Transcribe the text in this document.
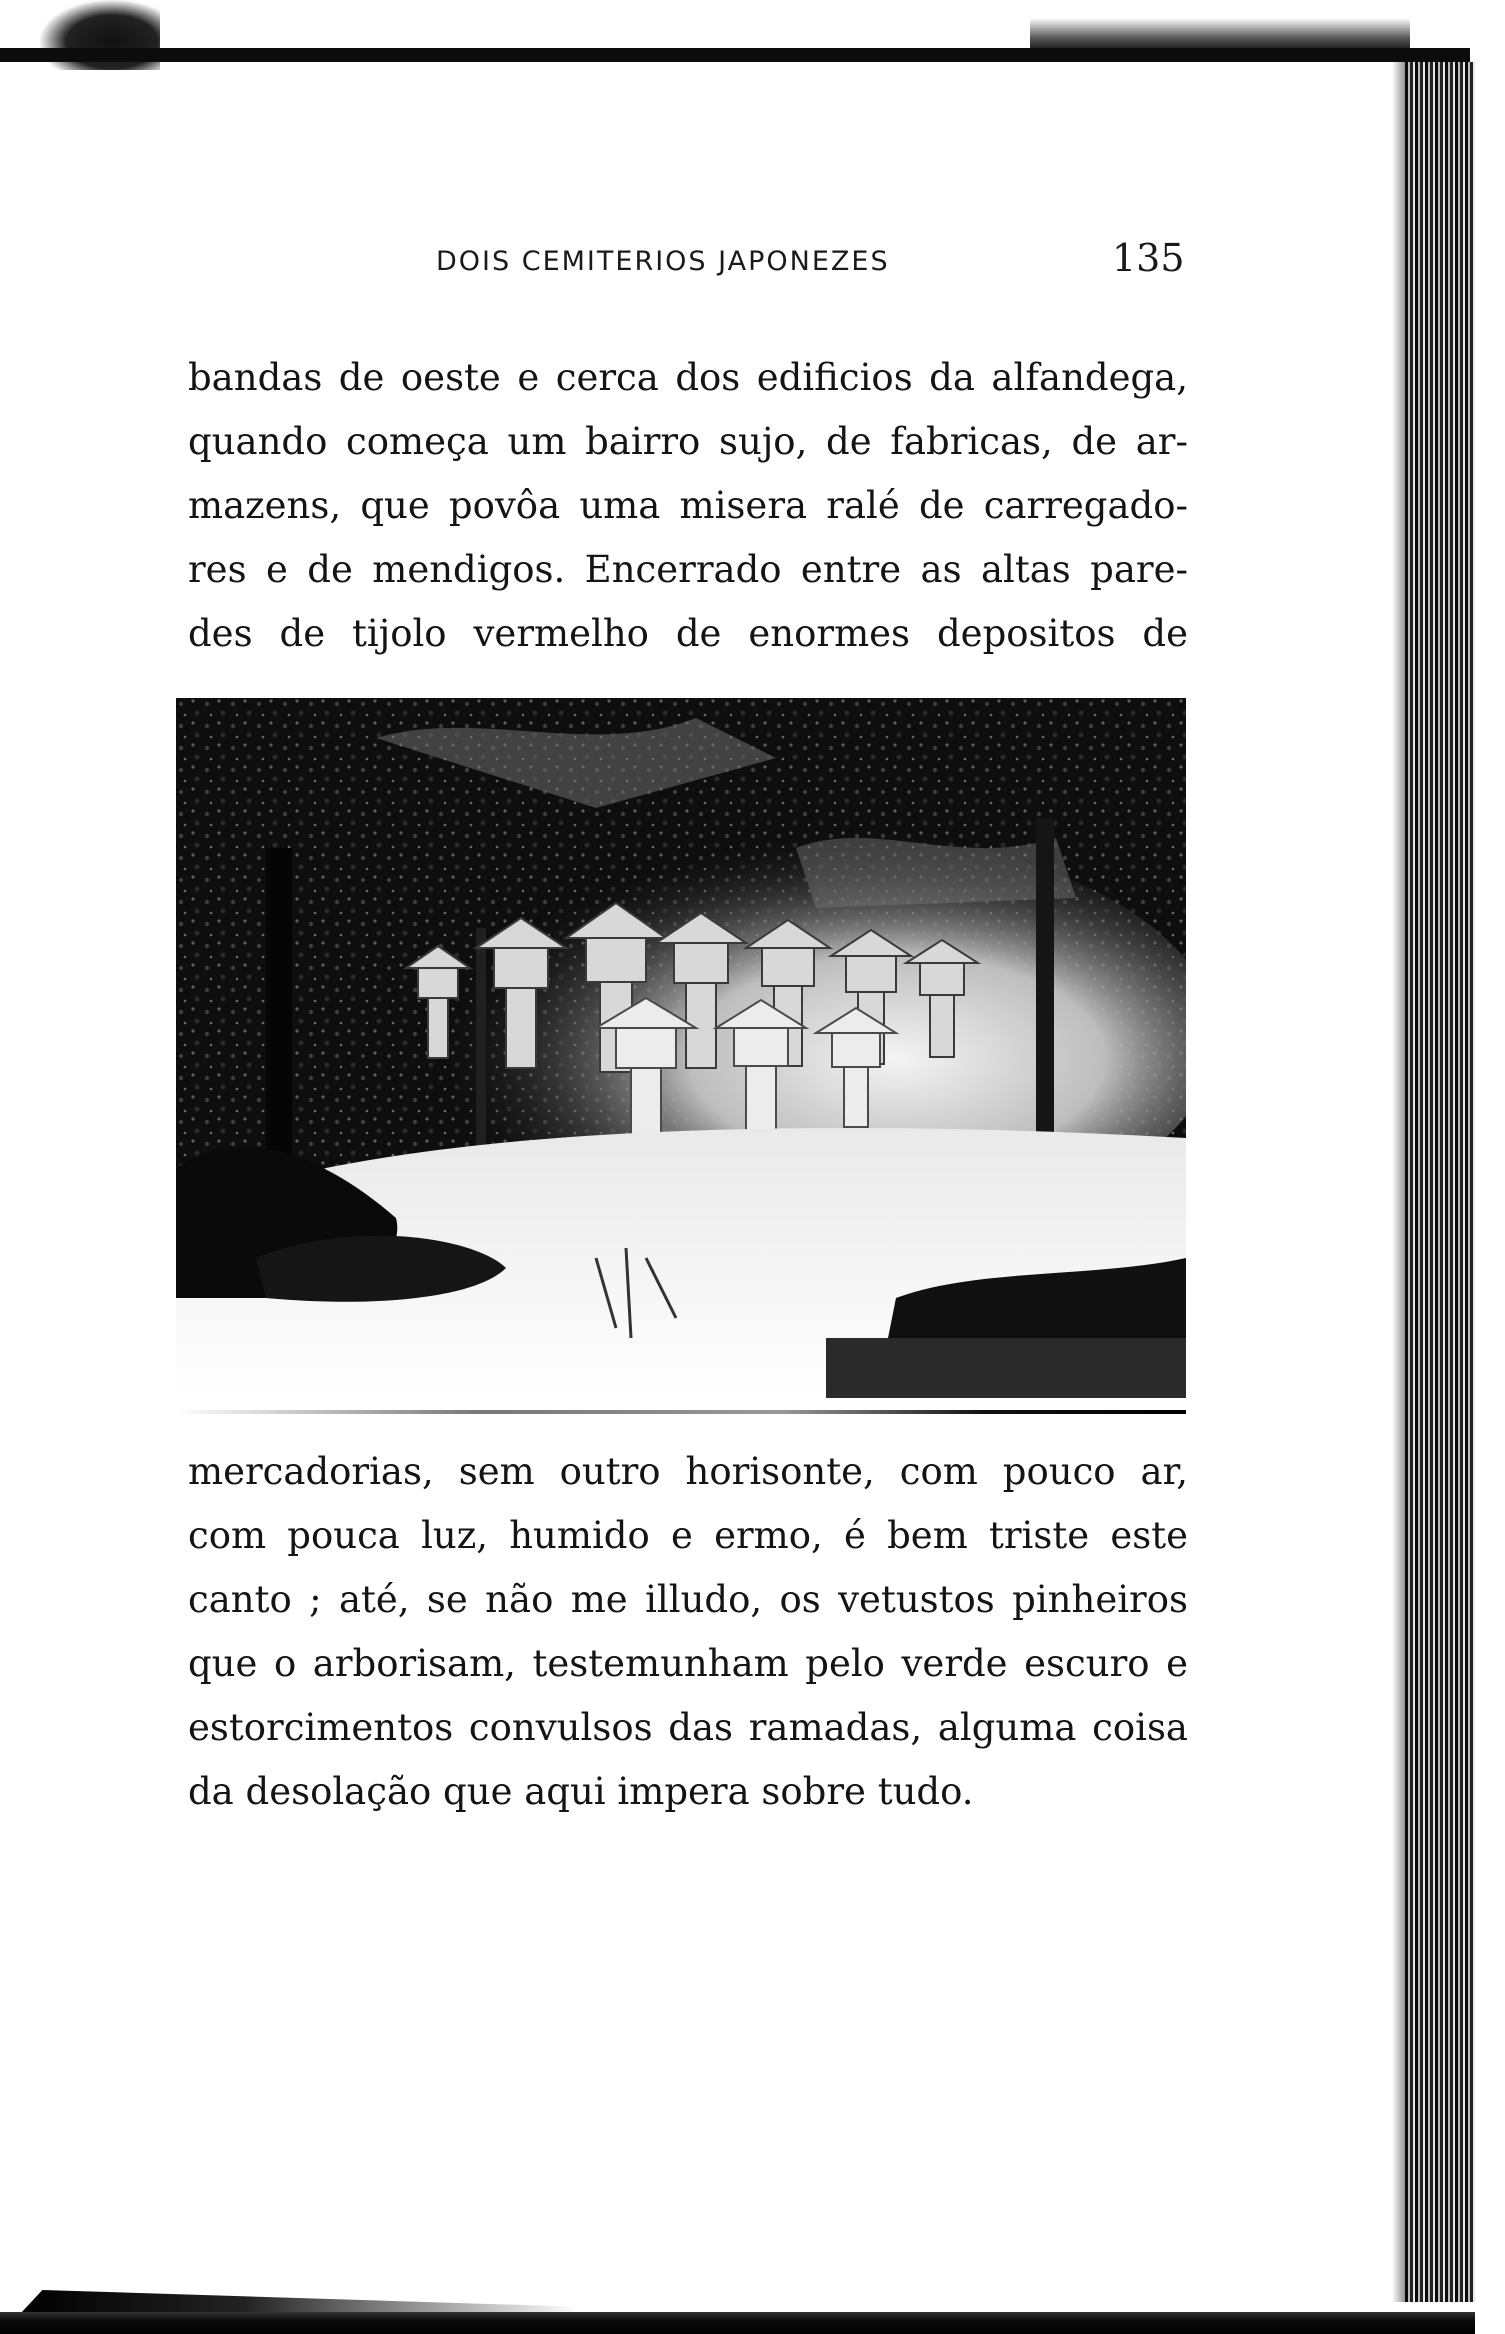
DOIS CEMITERIOS JAPONEZES	135
bandas de oeste e cerca dos edificios da alfandega,
quando começa um bairro sujo, de fabricas, de ar-
mazens, que povôa uma misera ralé de carregado-
res e de mendigos. Encerrado entre as altas pare-
des de tijolo vermelho de enormes depositos de
mercadorias, sem outro horisonte, com pouco ar,
com pouca luz, humido e ermo, é bem triste este
canto ; até, se não me illudo, os vetustos pinheiros
que o arborisam, testemunham pelo verde escuro e
estorcimentos convulsos das ramadas, alguma coisa
da desolação que aqui impera sobre tudo.
